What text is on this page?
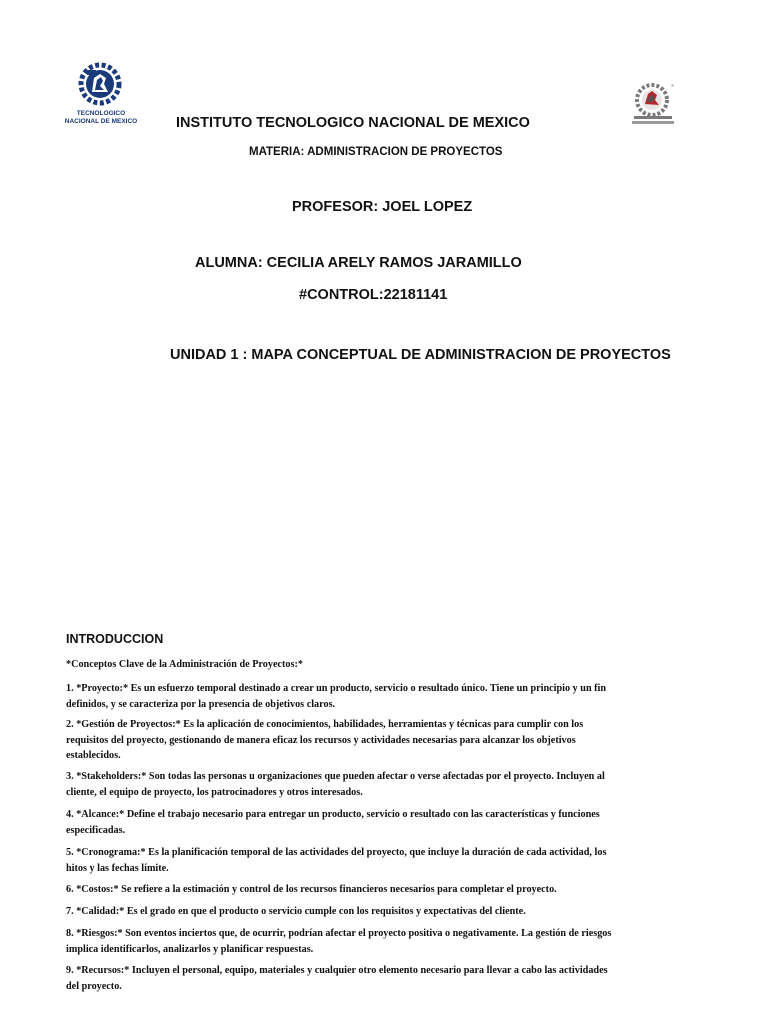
TECNOLOGICO
NACIONAL DE MEXICO
®
INSTITUTO TECNOLOGICO NACIONAL DE MEXICO
MATERIA: ADMINISTRACION DE PROYECTOS
PROFESOR: JOEL LOPEZ
ALUMNA: CECILIA ARELY RAMOS JARAMILLO
#CONTROL:22181141
UNIDAD 1 : MAPA CONCEPTUAL DE ADMINISTRACION DE PROYECTOS
INTRODUCCION
*Conceptos Clave de la Administración de Proyectos:*
1. *Proyecto:* Es un esfuerzo temporal destinado a crear un producto, servicio o resultado único. Tiene un principio y un fin
definidos, y se caracteriza por la presencia de objetivos claros.
2. *Gestión de Proyectos:* Es la aplicación de conocimientos, habilidades, herramientas y técnicas para cumplir con los
requisitos del proyecto, gestionando de manera eficaz los recursos y actividades necesarias para alcanzar los objetivos
establecidos.
3. *Stakeholders:* Son todas las personas u organizaciones que pueden afectar o verse afectadas por el proyecto. Incluyen al
cliente, el equipo de proyecto, los patrocinadores y otros interesados.
4. *Alcance:* Define el trabajo necesario para entregar un producto, servicio o resultado con las características y funciones
especificadas.
5. *Cronograma:* Es la planificación temporal de las actividades del proyecto, que incluye la duración de cada actividad, los
hitos y las fechas límite.
6. *Costos:* Se refiere a la estimación y control de los recursos financieros necesarios para completar el proyecto.
7. *Calidad:* Es el grado en que el producto o servicio cumple con los requisitos y expectativas del cliente.
8. *Riesgos:* Son eventos inciertos que, de ocurrir, podrían afectar el proyecto positiva o negativamente. La gestión de riesgos
implica identificarlos, analizarlos y planificar respuestas.
9. *Recursos:* Incluyen el personal, equipo, materiales y cualquier otro elemento necesario para llevar a cabo las actividades
del proyecto.
